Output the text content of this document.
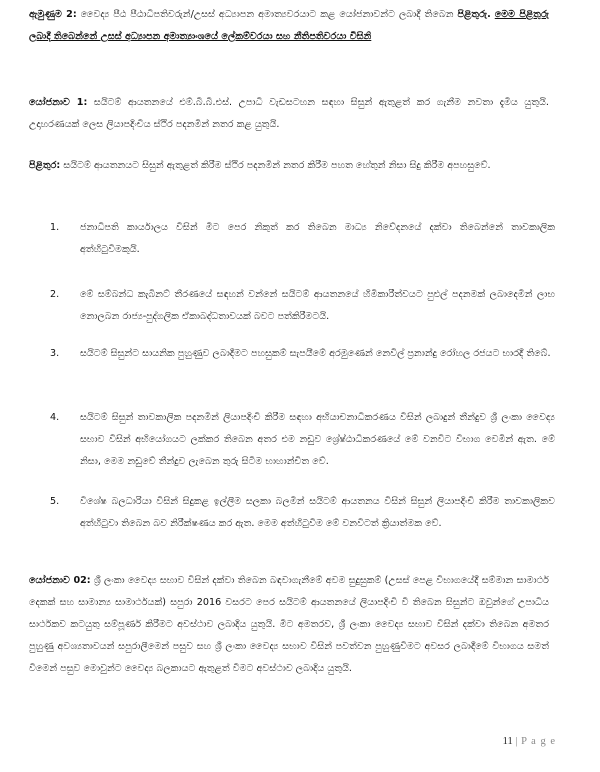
ඇමුණුම 2: වෛද්‍ය පීඨ පීඨාධිපතිවරුන්/උසස් අධ්‍යාපන අමාත්‍යවරයාට කළ යෝජනාවන්ට ලබාදී තිබෙන පිළිතුරු. මෙම පිළිතුරු ලබාදී තිබෙන්නේ උසස් අධ්‍යාපන අමාත්‍යාංශයේ ලේකම්වරයා සහ නීතිපතිවරයා විසිනි
යෝජනාව 1: සයිටම් ආයතනයේ එම්.බී.බී.එස්. උපාධි වැඩසටහන සඳහා සිසුන් ඇතුළත් කර ගැනීම නවතා දැමිය යුතුයි. උදාහරණයක් ලෙස ලියාපදිංචිය ස්ථිර පදනමින් නතර කළ යුතුයි.
පිළිතුර: සයිටම් ආයතනයට සිසුන් ඇතුළත් කිරීම ස්ථිර පදනමින් නතර කිරීම පහත හේතුන් නිසා සිදු කිරීම අපහසුවේ.
1.	ජනාධිපති කාර්යාලය විසින් මීට පෙර නිකුත් කර තිබෙන මාධ්‍ය නිවේදනයේ දක්වා තිබෙන්නේ තාවකාලික අත්හිටුවීමකුයි.
2.	මේ සම්බන්ධ කැබිනට් තීරණයේ සඳහන් වන්නේ සයිටම් ආයතනයේ හිමිකාරීත්වයට පුළුල් පදනමක් ලබාදෙමින් ලාභ නොලබන රාජ්‍ය-පුද්ගලික ඒකාබද්ධතාවයක් බවට පත්කිරීමටයි.
3.	සයිටම් සිසුන්ට සායනික පුහුණුව ලබාදීමට පහසුකම් සැපයීමේ අරමුණෙන් නෙවිල් ප්‍රනාන්දු රෝහල රජයට භාරදී තිබේ.
4.	සයිටම් සිසුන් තාවකාලික පදනමින් ලියාපදිංචි කිරීම සඳහා අභියාචනාධිකරණය විසින් ලබාදුන් තීන්දුව ශ්‍රී ලංකා වෛද්‍ය සභාව විසින් අභියෝගයට ලක්කර තිබෙන අතර එම නඩුව ශ්‍රේෂ්ඨාධිකරණයේ මේ වනවිට විභාග වෙමින් ඇත. මේ නිසා, මෙම නඩුවේ තීන්දුව ලැබෙන තුරු සිටීම භාහාන්චිත වේ.
5.	විශේෂ බලධාරියා විසින් සිදුකළ ඉල්ලීම සලකා බලමින් සයිටම් ආයතනය විසින් සිසුන් ලියාපදිංචි කිරීම තාවකාලිකව අත්හිටුවා තිබෙන බව නිරීක්ෂණය කර ඇත. මෙම අත්හිටුවීම මේ වනවිටත් ක්‍රියාත්මක වේ.
යෝජනාව 02: ශ්‍රී ලංකා වෛද්‍ය සභාව විසින් දක්වා තිබෙන බඳවාගැනීමේ අවම සුදුසුකම් (උසස් පෙළ විභාගයේදී සම්මාන සාමාර්ථ දෙකක් සහ සාමාන්‍ය සාමාර්ථයක්) සපුරා 2016 වසරට පෙර සයිටම් ආයතනයේ ලියාපදිංචි වී තිබෙන සිසුන්ට ඔවුන්ගේ උපාධිය සාර්ථකව කටයුතු සම්පූර්ණ කිරීමට අවස්ථාව ලබාදිය යුතුයි. මීට අමතරව, ශ්‍රී ලංකා වෛද්‍ය සභාව විසින් දක්වා තිබෙන අමතර පුහුණු අවශ්‍යතාවයන් සපුරාලීමෙන් පසුව සහ ශ්‍රී ලංකා වෛද්‍ය සභාව විසින් පවත්වන පුහුණුවීමට අවසර ලබාදීමේ විභාගය සමත් වීමෙන් පසුව මොවුන්ට වෛද්‍ය බලකායට ඇතුළත් වීමට අවස්ථාව ලබාදිය යුතුයි.
11 | P a g e
